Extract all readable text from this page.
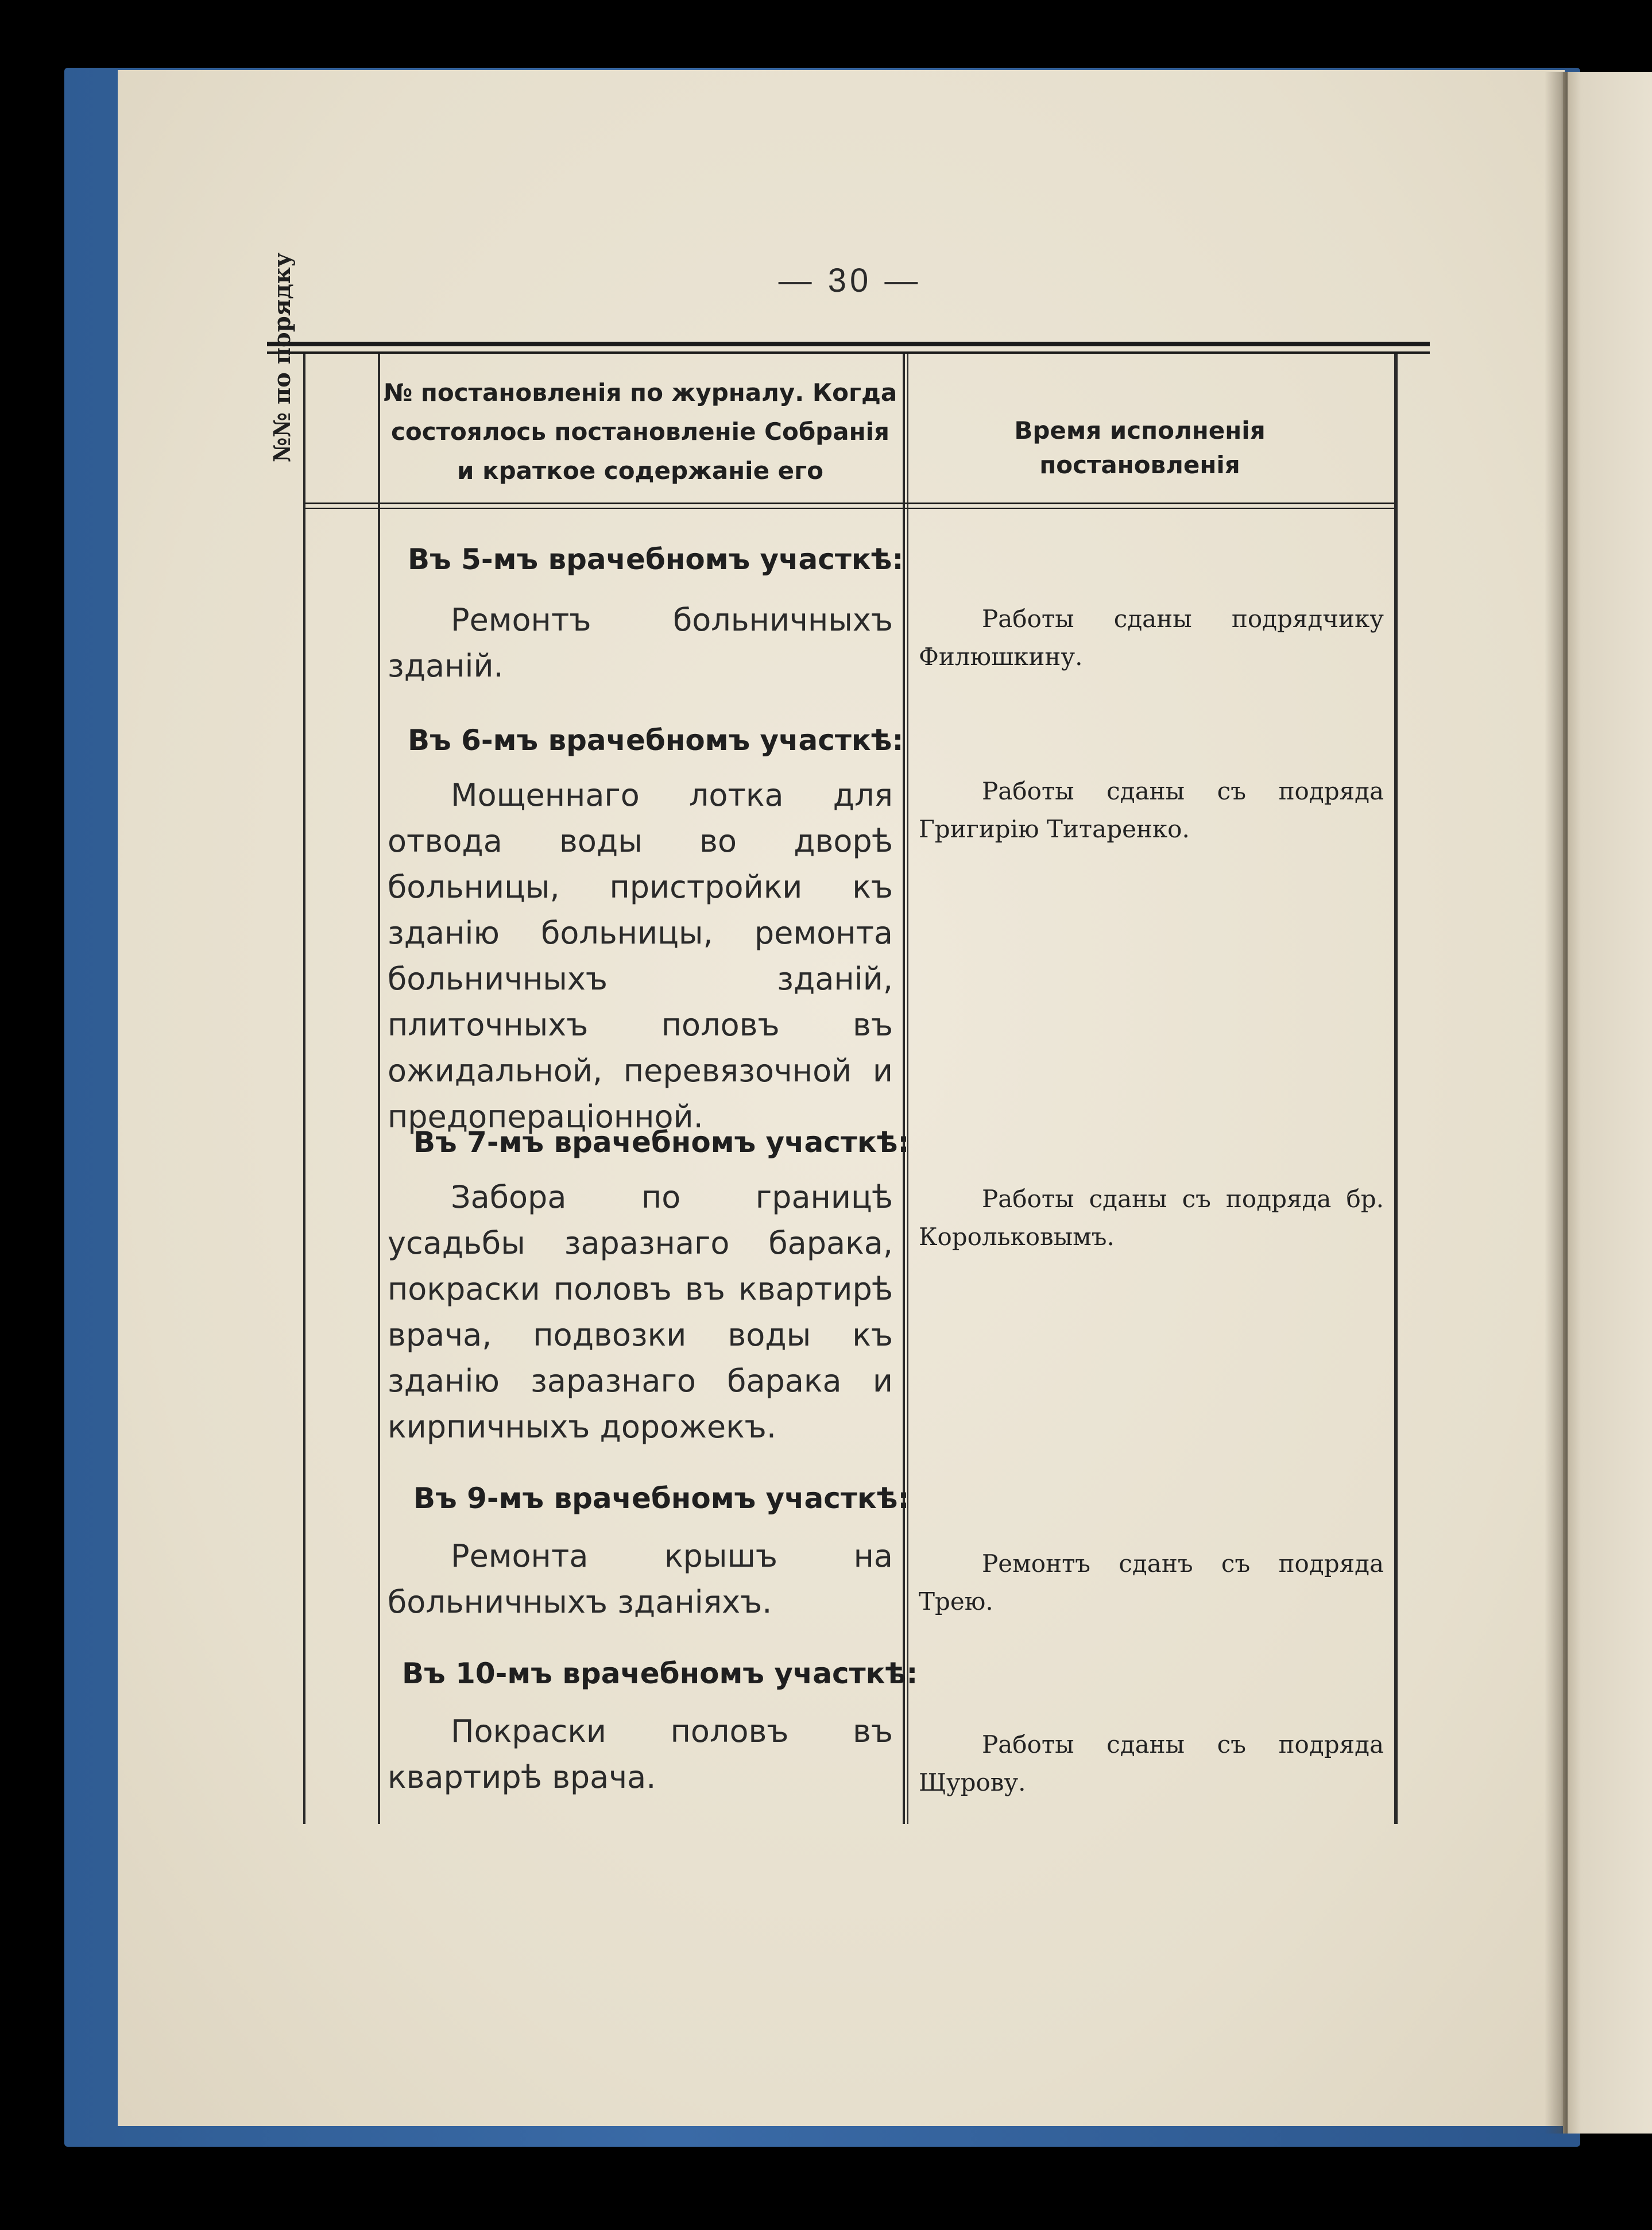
— 30 —
№ постановленія по журналу. Когда состоялось постановленіе Собранія и краткое содержаніе его
Время исполненія постановленія
Въ 5-мъ врачебномъ участкѣ:
Ремонтъ больничныхъ зданій.
Работы сданы подрядчику Филюшкину.
Въ 6-мъ врачебномъ участкѣ:
Мощеннаго лотка для отвода воды во дворѣ больницы, пристройки къ зданію больницы, ремонта больничныхъ зданій, плиточныхъ половъ въ ожидальной, перевязочной и предопераціонной.
Работы сданы съ подряда Григирію Титаренко.
Въ 7-мъ врачебномъ участкѣ:
Забора по границѣ усадьбы заразнаго барака, покраски половъ въ квартирѣ врача, подвозки воды къ зданію заразнаго барака и кирпичныхъ дорожекъ.
Работы сданы съ подряда бр. Корольковымъ.
Въ 9-мъ врачебномъ участкѣ:
Ремонта крышъ на больничныхъ зданіяхъ.
Ремонтъ сданъ съ подряда Трею.
Въ 10-мъ врачебномъ участкѣ:
Покраски половъ въ квартирѣ врача.
Работы сданы съ подряда Щурову.
